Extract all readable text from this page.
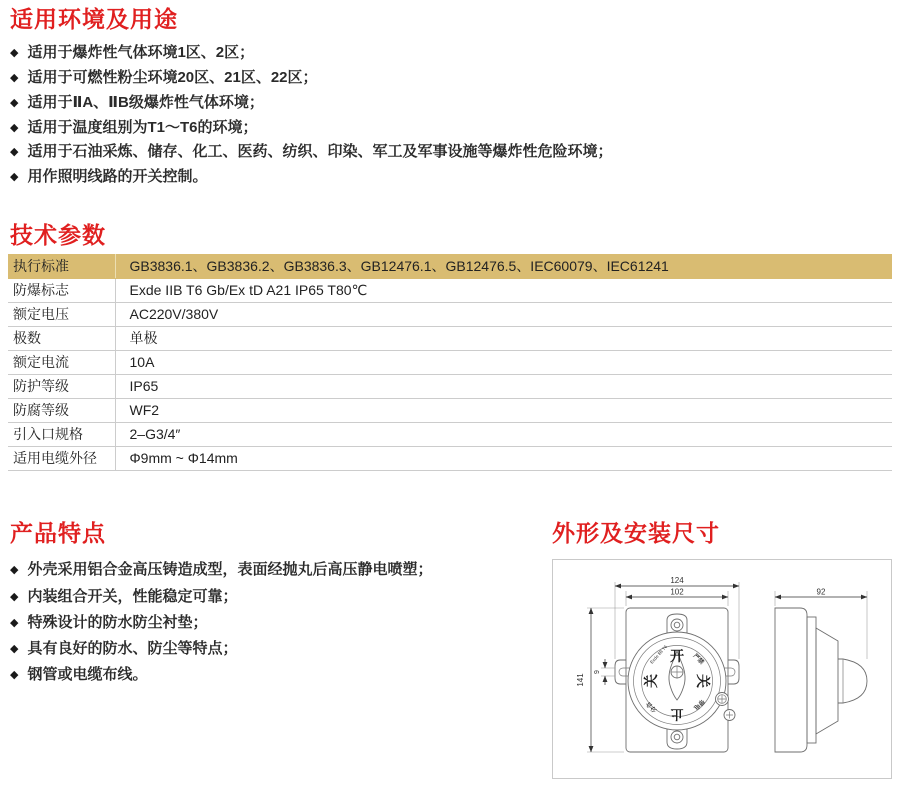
适用环境及用途
◆ 适用于爆炸性气体环境1区、2区；
◆ 适用于可燃性粉尘环境20区、21区、22区；
◆ 适用于ⅡA、ⅡB级爆炸性气体环境；
◆ 适用于温度组别为T1～T6的环境；
◆ 适用于石油采炼、储存、化工、医药、纺织、印染、军工及军事设施等爆炸性危险环境；
◆ 用作照明线路的开关控制。
技术参数
执行标准	GB3836.1、GB3836.2、GB3836.3、GB12476.1、GB12476.5、IEC60079、IEC61241
防爆标志	Exde IIB T6 Gb/Ex tD A21 IP65 T80℃
额定电压	AC220V/380V
极数	单极
额定电流	10A
防护等级	IP65
防腐等级	WF2
引入口规格	2–G3/4″
适用电缆外径	Φ9mm ~ Φ14mm
产品特点
◆ 外壳采用铝合金高压铸造成型，表面经抛丸后高压静电喷塑；
◆ 内装组合开关，性能稳定可靠；
◆ 特殊设计的防水防尘衬垫；
◆ 具有良好的防水、防尘等特点；
◆ 钢管或电缆布线。
外形及安装尺寸
开
关
关
止
严禁
带电
分合
Exde ⅡB T6
124
102
141
9
92
